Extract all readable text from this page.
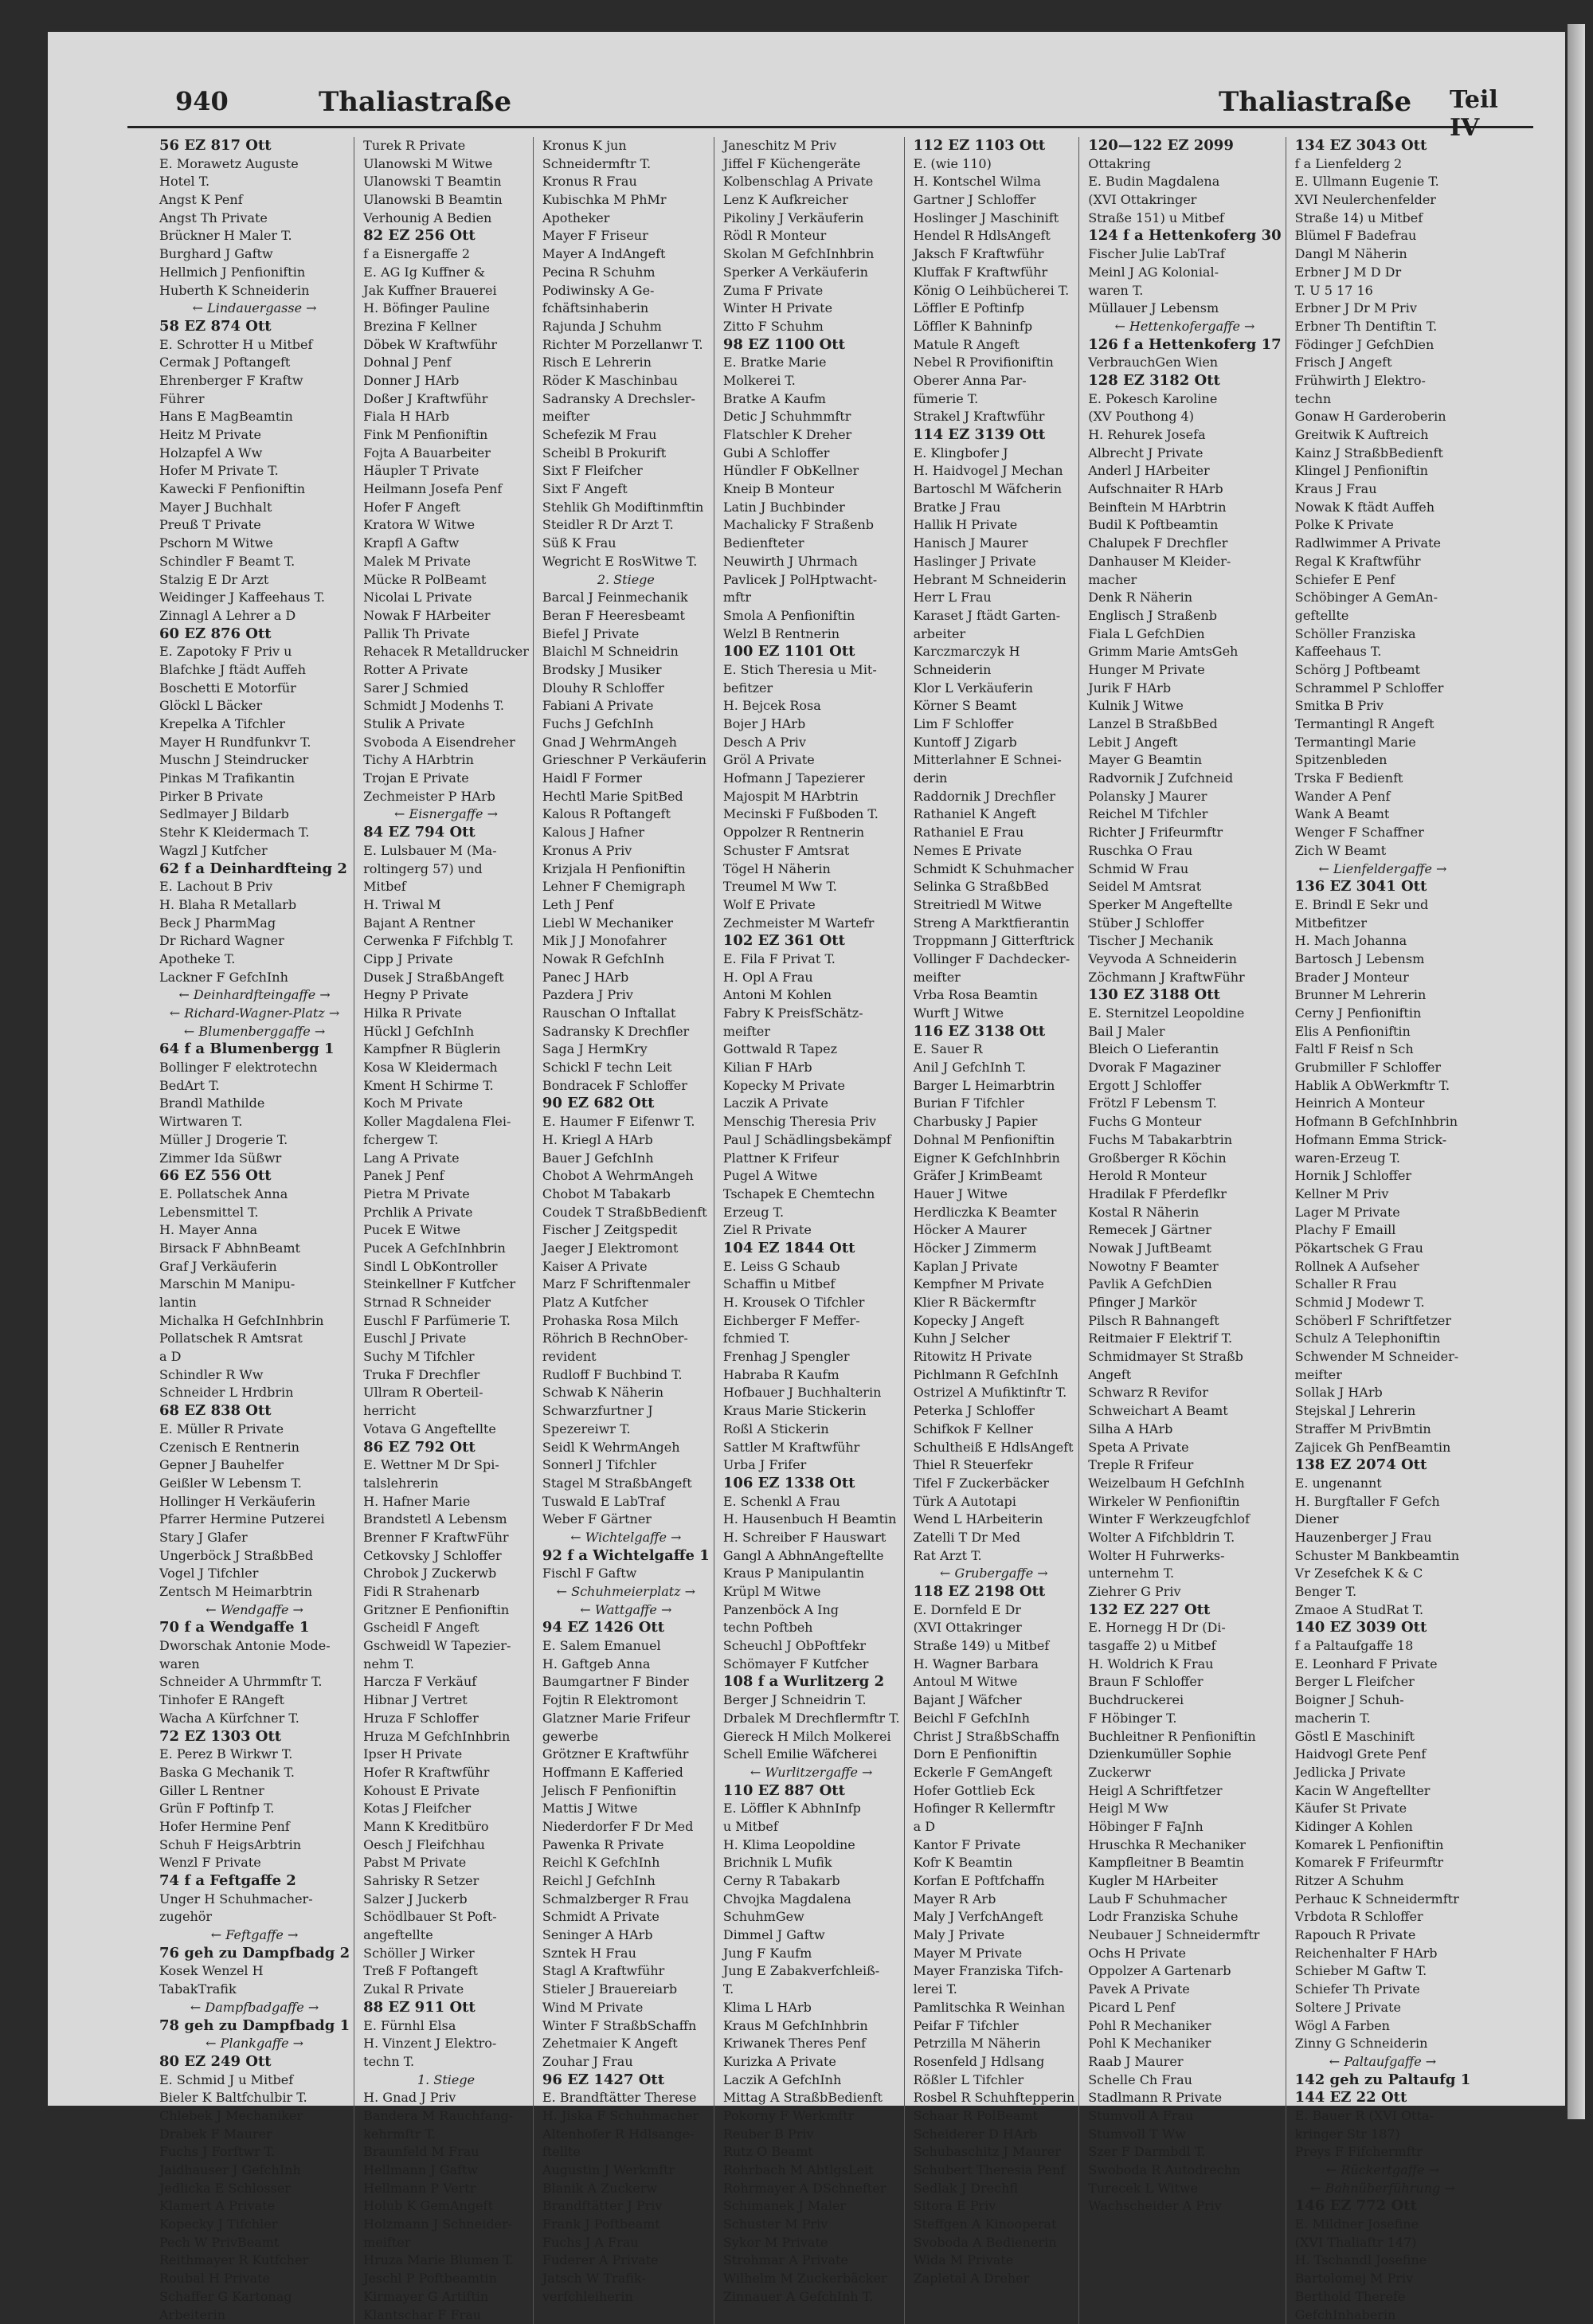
940	Thaliastraße	Thaliastraße Teil IV
56 EZ 817 Ott
E. Morawetz Auguste
Hotel T.
Angst K Penf
Angst Th Private
Brückner H Maler T.
Burghard J Gaftw
Hellmich J Penfioniftin
Huberth K Schneiderin
← Lindauergasse →
58 EZ 874 Ott
E. Schrotter H u Mitbef
Cermak J Poftangeft
Ehrenberger F Kraftw
Führer
Hans E MagBeamtin
Heitz M Private
Holzapfel A Ww
Hofer M Private T.
Kawecki F Penfioniftin
Mayer J Buchhalt
Preuß T Private
Pschorn M Witwe
Schindler F Beamt T.
Stalzig E Dr Arzt
Weidinger J Kaffeehaus T.
Zinnagl A Lehrer a D
60 EZ 876 Ott
E. Zapotoky F Priv u
Blafchke J ftädt Auffeh
Boschetti E Motorfür
Glöckl L Bäcker
Krepelka A Tifchler
Mayer H Rundfunkvr T.
Muschn J Steindrucker
Pinkas M Trafikantin
Pirker B Private
Sedlmayer J Bildarb
Stehr K Kleidermach T.
Wagzl J Kutfcher
62 f a Deinhardfteing 2
E. Lachout B Priv
H. Blaha R Metallarb
Beck J PharmMag
Dr Richard Wagner
Apotheke T.
Lackner F GefchInh
← Deinhardfteingaffe →
← Richard-Wagner-Platz →
← Blumenberggaffe →
64 f a Blumenbergg 1
Bollinger F elektrotechn
BedArt T.
Brandl Mathilde
Wirtwaren T.
Müller J Drogerie T.
Zimmer Ida Süßwr
66 EZ 556 Ott
E. Pollatschek Anna
Lebensmittel T.
H. Mayer Anna
Birsack F AbhnBeamt
Graf J Verkäuferin
Marschin M Manipu-
lantin
Michalka H GefchInhbrin
Pollatschek R Amtsrat
a D
Schindler R Ww
Schneider L Hrdbrin
68 EZ 838 Ott
E. Müller R Private
Czenisch E Rentnerin
Gepner J Bauhelfer
Geißler W Lebensm T.
Hollinger H Verkäuferin
Pfarrer Hermine Putzerei
Stary J Glafer
Ungerböck J StraßbBed
Vogel J Tifchler
Zentsch M Heimarbtrin
← Wendgaffe →
70 f a Wendgaffe 1
Dworschak Antonie Mode-
waren
Schneider A Uhrmmftr T.
Tinhofer E RAngeft
Wacha A Kürfchner T.
72 EZ 1303 Ott
E. Perez B Wirkwr T.
Baska G Mechanik T.
Giller L Rentner
Grün F Poftinfp T.
Hofer Hermine Penf
Schuh F HeigsArbtrin
Wenzl F Private
74 f a Feftgaffe 2
Unger H Schuhmacher-
zugehör
← Feftgaffe →
76 geh zu Dampfbadg 2
Kosek Wenzel H
TabakTrafik
← Dampfbadgaffe →
78 geh zu Dampfbadg 1
← Plankgaffe →
80 EZ 249 Ott
E. Schmid J u Mitbef
Bieler K Baltfchulbir T.
Chlebek J Mechaniker
Drabek F Maurer
Fuchs J Forftwr T.
Jaidhauser J GefchInh
Jedlicka E Schlosser
Klamert A Private
Kopecky J Tifchler
Pech W PrivBeamt
Reithmayer R Kutfcher
Roubal H Private
Schaffer G Kartonag
Arbeiterin
Turek R Private
Ulanowski M Witwe
Ulanowski T Beamtin
Ulanowski B Beamtin
Verhounig A Bedien
82 EZ 256 Ott
f a Eisnergaffe 2
E. AG Ig Kuffner &
Jak Kuffner Brauerei
H. Böfinger Pauline
Brezina F Kellner
Döbek W Kraftwführ
Dohnal J Penf
Donner J HArb
Doßer J Kraftwführ
Fiala H HArb
Fink M Penfioniftin
Fojta A Bauarbeiter
Häupler T Private
Heilmann Josefa Penf
Hofer F Angeft
Kratora W Witwe
Krapfl A Gaftw
Malek M Private
Mücke R PolBeamt
Nicolai L Private
Nowak F HArbeiter
Pallik Th Private
Rehacek R Metalldrucker
Rotter A Private
Sarer J Schmied
Schmidt J Modenhs T.
Stulik A Private
Svoboda A Eisendreher
Tichy A HArbtrin
Trojan E Private
Zechmeister P HArb
← Eisnergaffe →
84 EZ 794 Ott
E. Lulsbauer M (Ma-
roltingerg 57) und
Mitbef
H. Triwal M
Bajant A Rentner
Cerwenka F Fifchblg T.
Cipp J Private
Dusek J StraßbAngeft
Hegny P Private
Hilka R Private
Hückl J GefchInh
Kampfner R Büglerin
Kosa W Kleidermach
Kment H Schirme T.
Koch M Private
Koller Magdalena Flei-
fchergew T.
Lang A Private
Panek J Penf
Pietra M Private
Prchlik A Private
Pucek E Witwe
Pucek A GefchInhbrin
Sindl L ObKontroller
Steinkellner F Kutfcher
Strnad R Schneider
Euschl F Parfümerie T.
Euschl J Private
Suchy M Tifchler
Truka F Drechfler
Ullram R Oberteil-
herricht
Votava G Angeftellte
86 EZ 792 Ott
E. Wettner M Dr Spi-
talslehrerin
H. Hafner Marie
Brandstetl A Lebensm
Brenner F KraftwFühr
Cetkovsky J Schloffer
Chrobok J Zuckerwb
Fidi R Strahenarb
Gritzner E Penfioniftin
Gscheidl F Angeft
Gschweidl W Tapezier-
nehm T.
Harcza F Verkäuf
Hibnar J Vertret
Hruza F Schloffer
Hruza M GefchInhbrin
Ipser H Private
Hofer R Kraftwführ
Kohoust E Private
Kotas J Fleifcher
Mann K Kreditbüro
Oesch J Fleifchhau
Pabst M Private
Sahrisky R Setzer
Salzer J Juckerb
Schödlbauer St Poft-
angeftellte
Schöller J Wirker
Treß F Poftangeft
Zukal R Private
88 EZ 911 Ott
E. Fürnhl Elsa
H. Vinzent J Elektro-
techn T.
1. Stiege
H. Gnad J Priv
Bandera M Rauchfang-
kehrmftr T.
Braunfeld M Frau
Hellmann J Gaftw
Hellmann P Vertr
Holub K GemAngeft
Holzmann J Schneider-
meifter
Hruza Marie Blumen T.
Jeschl P Poftbeamtin
Kirmayer G Artiftin
Klantschar F Frau
Kronus K jun
Schneidermftr T.
Kronus R Frau
Kubischka M PhMr
Apotheker
Mayer F Friseur
Mayer A IndAngeft
Pecina R Schuhm
Podiwinsky A Ge-
fchäftsinhaberin
Rajunda J Schuhm
Richter M Porzellanwr T.
Risch E Lehrerin
Röder K Maschinbau
Sadransky A Drechsler-
meifter
Schefezik M Frau
Scheibl B Prokurift
Sixt F Fleifcher
Sixt F Angeft
Stehlik Gh Modiftinmftin
Steidler R Dr Arzt T.
Süß K Frau
Wegricht E RosWitwe T.
2. Stiege
Barcal J Feinmechanik
Beran F Heeresbeamt
Biefel J Private
Blaichl M Schneidrin
Brodsky J Musiker
Dlouhy R Schloffer
Fabiani A Private
Fuchs J GefchInh
Gnad J WehrmAngeh
Grieschner P Verkäuferin
Haidl F Former
Hechtl Marie SpitBed
Kalous R Poftangeft
Kalous J Hafner
Kronus A Priv
Krizjala H Penfioniftin
Lehner F Chemigraph
Leth J Penf
Liebl W Mechaniker
Mik J J Monofahrer
Nowak R GefchInh
Panec J HArb
Pazdera J Priv
Rauschan O Inftallat
Sadransky K Drechfler
Saga J HermKry
Schickl F techn Leit
Bondracek F Schloffer
90 EZ 682 Ott
E. Haumer F Eifenwr T.
H. Kriegl A HArb
Bauer J GefchInh
Chobot A WehrmAngeh
Chobot M Tabakarb
Coudek T StraßbBedienft
Fischer J Zeitgspedit
Jaeger J Elektromont
Kaiser A Private
Marz F Schriftenmaler
Platz A Kutfcher
Prohaska Rosa Milch
Röhrich B RechnOber-
revident
Rudloff F Buchbind T.
Schwab K Näherin
Schwarzfurtner J
Spezereiwr T.
Seidl K WehrmAngeh
Sonnerl J Tifchler
Stagel M StraßbAngeft
Tuswald E LabTraf
Weber F Gärtner
← Wichtelgaffe →
92 f a Wichtelgaffe 1
Fischl F Gaftw
← Schuhmeierplatz →
← Wattgaffe →
94 EZ 1426 Ott
E. Salem Emanuel
H. Gaftgeb Anna
Baumgartner F Binder
Fojtin R Elektromont
Glatzner Marie Frifeur
gewerbe
Grötzner E Kraftwführ
Hoffmann E Kafferied
Jelisch F Penfioniftin
Mattis J Witwe
Niederdorfer F Dr Med
Pawenka R Private
Reichl K GefchInh
Reichl J GefchInh
Schmalzberger R Frau
Schmidt A Private
Seninger A HArb
Szntek H Frau
Stagl A Kraftwführ
Stieler J Brauereiarb
Wind M Private
Winter F StraßbSchaffn
Zehetmaier K Angeft
Zouhar J Frau
96 EZ 1427 Ott
E. Brandftätter Therese
H. Jiska F Schuhmacher
Altenhofer R Hdlsange-
ftellte
Augustin J Werkmftr
Blanik A Zuckerw
Brandftätter J Priv
Frank J Poftbeamt
Fuchs J A Frau
Fuderer A Private
Jatsch W Trafik-
verfchleiherin
Janeschitz M Priv
Jiffel F Küchengeräte
Kolbenschlag A Private
Lenz K Aufkreicher
Pikoliny J Verkäuferin
Rödl R Monteur
Skolan M GefchInhbrin
Sperker A Verkäuferin
Zuma F Private
Winter H Private
Zitto F Schuhm
98 EZ 1100 Ott
E. Bratke Marie
Molkerei T.
Bratke A Kaufm
Detic J Schuhmmftr
Flatschler K Dreher
Gubi A Schloffer
Hündler F ObKellner
Kneip B Monteur
Latin J Buchbinder
Machalicky F Straßenb
Bedienfteter
Neuwirth J Uhrmach
Pavlicek J PolHptwacht-
mftr
Smola A Penfioniftin
Welzl B Rentnerin
100 EZ 1101 Ott
E. Stich Theresia u Mit-
befitzer
H. Bejcek Rosa
Bojer J HArb
Desch A Priv
Gröl A Private
Hofmann J Tapezierer
Majospit M HArbtrin
Mecinski F Fußboden T.
Oppolzer R Rentnerin
Schuster F Amtsrat
Tögel H Näherin
Treumel M Ww T.
Wolf E Private
Zechmeister M Wartefr
102 EZ 361 Ott
E. Fila F Privat T.
H. Opl A Frau
Antoni M Kohlen
Fabry K PreisfSchätz-
meifter
Gottwald R Tapez
Kilian F HArb
Kopecky M Private
Laczik A Private
Menschig Theresia Priv
Paul J Schädlingsbekämpf
Plattner K Frifeur
Pugel A Witwe
Tschapek E Chemtechn
Erzeug T.
Ziel R Private
104 EZ 1844 Ott
E. Leiss G Schaub
Schaffin u Mitbef
H. Krousek O Tifchler
Eichberger F Meffer-
fchmied T.
Frenhag J Spengler
Habraba R Kaufm
Hofbauer J Buchhalterin
Kraus Marie Stickerin
Roßl A Stickerin
Sattler M Kraftwführ
Urba J Frifer
106 EZ 1338 Ott
E. Schenkl A Frau
H. Hausenbuch H Beamtin
H. Schreiber F Hauswart
Gangl A AbhnAngeftellte
Kraus P Manipulantin
Krüpl M Witwe
Panzenböck A Ing
techn Poftbeh
Scheuchl J ObPoftfekr
Schömayer F Kutfcher
108 f a Wurlitzerg 2
Berger J Schneidrin T.
Drbalek M Drechflermftr T.
Giereck H Milch Molkerei
Schell Emilie Wäfcherei
← Wurlitzergaffe →
110 EZ 887 Ott
E. Löffler K AbhnInfp
u Mitbef
H. Klima Leopoldine
Brichnik L Mufik
Cerny R Tabakarb
Chvojka Magdalena
SchuhmGew
Dimmel J Gaftw
Jung F Kaufm
Jung E Zabakverfchleiß-
T.
Klima L HArb
Kraus M GefchInhbrin
Kriwanek Theres Penf
Kurizka A Private
Laczik A GefchInh
Mittag A StraßbBedienft
Pokorny F Werkmftr
Reuber B Priv
Rutz O Beamt
Rohrbach M AbtlgsLeit
Rohrmayer A DSchnefter
Schimanek J Maler
Schuster M Priv
Sykor M Private
Strohmar A Private
Wilhelm M Zuckerbäcker
Zinnauer A GefchInh T.
112 EZ 1103 Ott
E. (wie 110)
H. Kontschel Wilma
Gartner J Schloffer
Hoslinger J Maschinift
Hendel R HdlsAngeft
Jaksch F Kraftwführ
Kluffak F Kraftwführ
König O Leihbücherei T.
Löffler E Poftinfp
Löffler K Bahninfp
Matule R Angeft
Nebel R Provifioniftin
Oberer Anna Par-
fümerie T.
Strakel J Kraftwführ
114 EZ 3139 Ott
E. Klingbofer J
H. Haidvogel J Mechan
Bartoschl M Wäfcherin
Bratke J Frau
Hallik H Private
Hanisch J Maurer
Haslinger J Private
Hebrant M Schneiderin
Herr L Frau
Karaset J ftädt Garten-
arbeiter
Karczmarczyk H
Schneiderin
Klor L Verkäuferin
Körner S Beamt
Lim F Schloffer
Kuntoff J Zigarb
Mitterlahner E Schnei-
derin
Raddornik J Drechfler
Rathaniel K Angeft
Rathaniel E Frau
Nemes E Private
Schmidt K Schuhmacher
Selinka G StraßbBed
Streitriedl M Witwe
Streng A Marktfierantin
Troppmann J Gitterftrick
Vollinger F Dachdecker-
meifter
Vrba Rosa Beamtin
Wurft J Witwe
116 EZ 3138 Ott
E. Sauer R
Anil J GefchInh T.
Barger L Heimarbtrin
Burian F Tifchler
Charbusky J Papier
Dohnal M Penfioniftin
Eigner K GefchInhbrin
Gräfer J KrimBeamt
Hauer J Witwe
Herdliczka K Beamter
Höcker A Maurer
Höcker J Zimmerm
Kaplan J Private
Kempfner M Private
Klier R Bäckermftr
Kopecky J Angeft
Kuhn J Selcher
Ritowitz H Private
Pichlmann R GefchInh
Ostrizel A Mufiktinftr T.
Peterka J Schloffer
Schifkok F Kellner
Schultheiß E HdlsAngeft
Thiel R Steuerfekr
Tifel F Zuckerbäcker
Türk A Autotapi
Wend L HArbeiterin
Zatelli T Dr Med
Rat Arzt T.
← Grubergaffe →
118 EZ 2198 Ott
E. Dornfeld E Dr
(XVI Ottakringer
Straße 149) u Mitbef
H. Wagner Barbara
Antoul M Witwe
Bajant J Wäfcher
Beichl F GefchInh
Christ J StraßbSchaffn
Dorn E Penfioniftin
Eckerle F GemAngeft
Hofer Gottlieb Eck
Hofinger R Kellermftr
a D
Kantor F Private
Kofr K Beamtin
Korfan E Poftfchaffn
Mayer R Arb
Maly J VerfchAngeft
Maly J Private
Mayer M Private
Mayer Franziska Tifch-
lerei T.
Pamlitschka R Weinhan
Peifar F Tifchler
Petrzilla M Näherin
Rosenfeld J Hdlsang
Rößler L Tifchler
Rosbel R Schuhftepperin
Schaar R PolBeamt
Scheiderer D HArb
Schubaschitz J Maurer
Schubert Theresia Penf
Sedlak J Drechfl
Sitora E Priv
Steffgen A Kinooperat
Svoboda A Bedienerin
Wida M Private
Zapletal A Dreher
120—122 EZ 2099
Ottakring
E. Budin Magdalena
(XVI Ottakringer
Straße 151) u Mitbef
124 f a Hettenkoferg 30
Fischer Julie LabTraf
Meinl J AG Kolonial-
waren T.
Müllauer J Lebensm
← Hettenkofergaffe →
126 f a Hettenkoferg 17
VerbrauchGen Wien
128 EZ 3182 Ott
E. Pokesch Karoline
(XV Pouthong 4)
H. Rehurek Josefa
Albrecht J Private
Anderl J HArbeiter
Aufschnaiter R HArb
Beinftein M HArbtrin
Budil K Poftbeamtin
Chalupek F Drechfler
Danhauser M Kleider-
macher
Denk R Näherin
Englisch J Straßenb
Fiala L GefchDien
Grimm Marie AmtsGeh
Hunger M Private
Jurik F HArb
Kulnik J Witwe
Lanzel B StraßbBed
Lebit J Angeft
Mayer G Beamtin
Radvornik J Zufchneid
Polansky J Maurer
Reichel M Tifchler
Richter J Frifeurmftr
Ruschka O Frau
Schmid W Frau
Seidel M Amtsrat
Sperker M Angeftellte
Stüber J Schloffer
Tischer J Mechanik
Veyvoda A Schneiderin
Zöchmann J KraftwFühr
130 EZ 3188 Ott
E. Sternitzel Leopoldine
Bail J Maler
Bleich O Lieferantin
Dvorak F Magaziner
Ergott J Schloffer
Frötzl F Lebensm T.
Fuchs G Monteur
Fuchs M Tabakarbtrin
Großberger R Köchin
Herold R Monteur
Hradilak F Pferdeflkr
Kostal R Näherin
Remecek J Gärtner
Nowak J JuftBeamt
Nowotny F Beamter
Pavlik A GefchDien
Pfinger J Markör
Pilsch R Bahnangeft
Reitmaier F Elektrif T.
Schmidmayer St Straßb
Angeft
Schwarz R Revifor
Schweichart A Beamt
Silha A HArb
Speta A Private
Treple R Frifeur
Weizelbaum H GefchInh
Wirkeler W Penfioniftin
Winter F Werkzeugfchlof
Wolter A Fifchbldrin T.
Wolter H Fuhrwerks-
unternehm T.
Ziehrer G Priv
132 EZ 227 Ott
E. Hornegg H Dr (Di-
tasgaffe 2) u Mitbef
H. Woldrich K Frau
Braun F Schloffer
Buchdruckerei
F Höbinger T.
Buchleitner R Penfioniftin
Dzienkumüller Sophie
Zuckerwr
Heigl A Schriftfetzer
Heigl M Ww
Höbinger F FaJnh
Hruschka R Mechaniker
Kampfleitner B Beamtin
Kugler M HArbeiter
Laub F Schuhmacher
Lodr Franziska Schuhe
Neubauer J Schneidermftr
Ochs H Private
Oppolzer A Gartenarb
Pavek A Private
Picard L Penf
Pohl R Mechaniker
Pohl K Mechaniker
Raab J Maurer
Schelle Ch Frau
Stadlmann R Private
Stumvoll A Frau
Stumvoll T Ww
Szer F Darmbdl T.
Swoboda R Autodrechn
Turecek L Witwe
Wachscheider A Priv
134 EZ 3043 Ott
f a Lienfelderg 2
E. Ullmann Eugenie T.
XVI Neulerchenfelder
Straße 14) u Mitbef
Blümel F Badefrau
Dangl M Näherin
Erbner J M D Dr
T. U 5 17 16
Erbner J Dr M Priv
Erbner Th Dentiftin T.
Födinger J GefchDien
Frisch J Angeft
Frühwirth J Elektro-
techn
Gonaw H Garderoberin
Greitwik K Auftreich
Kainz J StraßbBedienft
Klingel J Penfioniftin
Kraus J Frau
Nowak K ftädt Auffeh
Polke K Private
Radlwimmer A Private
Regal K Kraftwführ
Schiefer E Penf
Schöbinger A GemAn-
geftellte
Schöller Franziska
Kaffeehaus T.
Schörg J Poftbeamt
Schrammel P Schloffer
Smitka B Priv
Termantingl R Angeft
Termantingl Marie
Spitzenbleden
Trska F Bedienft
Wander A Penf
Wank A Beamt
Wenger F Schaffner
Zich W Beamt
← Lienfeldergaffe →
136 EZ 3041 Ott
E. Brindl E Sekr und
Mitbefitzer
H. Mach Johanna
Bartosch J Lebensm
Brader J Monteur
Brunner M Lehrerin
Cerny J Penfioniftin
Elis A Penfioniftin
Faltl F Reisf n Sch
Grubmiller F Schloffer
Hablik A ObWerkmftr T.
Heinrich A Monteur
Hofmann B GefchInhbrin
Hofmann Emma Strick-
waren-Erzeug T.
Hornik J Schloffer
Kellner M Priv
Lager M Private
Plachy F Emaill
Pökartschek G Frau
Rollnek A Aufseher
Schaller R Frau
Schmid J Modewr T.
Schöberl F Schriftfetzer
Schulz A Telephoniftin
Schwender M Schneider-
meifter
Sollak J HArb
Stejskal J Lehrerin
Straffer M PrivBmtin
Zajicek Gh PenfBeamtin
138 EZ 2074 Ott
E. ungenannt
H. Burgftaller F Gefch
Diener
Hauzenberger J Frau
Schuster M Bankbeamtin
Vr Zesefchek K & C
Benger T.
Zmaoe A StudRat T.
140 EZ 3039 Ott
f a Paltaufgaffe 18
E. Leonhard F Private
Berger L Fleifcher
Boigner J Schuh-
macherin T.
Göstl E Maschinift
Haidvogl Grete Penf
Jedlicka J Private
Kacin W Angeftellter
Käufer St Private
Kidinger A Kohlen
Komarek L Penfioniftin
Komarek F Frifeurmftr
Ritzer A Schuhm
Perhauc K Schneidermftr
Vrbdota R Schloffer
Rapouch R Private
Reichenhalter F HArb
Schieber M Gaftw T.
Schiefer Th Private
Soltere J Private
Wögl A Farben
Zinny G Schneiderin
← Paltaufgaffe →
142 geh zu Paltaufg 1
144 EZ 22 Ott
E. Bauer R (XVI Otta-
kringer Str 187)
Preys F Fifchermftr
← Rückertgaffe →
← Bahnüberführung →
146 EZ 772 Ott
E. Mildner Josefine
(XVI Thaliaftr 147)
H. Tschandl Josefine
Bartolomej M Priv
Berthold Therefe
GefchInhaberin
